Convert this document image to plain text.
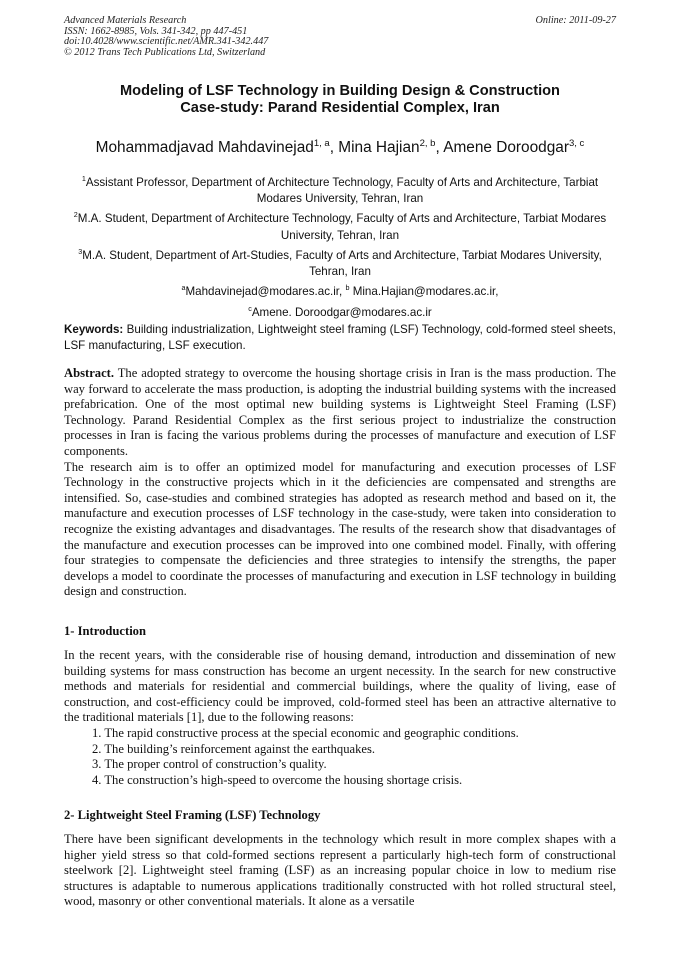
Advanced Materials Research
ISSN: 1662-8985, Vols. 341-342, pp 447-451
doi:10.4028/www.scientific.net/AMR.341-342.447
© 2012 Trans Tech Publications Ltd, Switzerland
Online: 2011-09-27
Modeling of LSF Technology in Building Design & Construction
Case-study: Parand Residential Complex, Iran
Mohammadjavad Mahdavinejad$^{1, a}$, Mina Hajian$^{2, b}$, Amene Doroodgar$^{3, c}$
$^1$Assistant Professor, Department of Architecture Technology, Faculty of Arts and Architecture, Tarbiat Modares University, Tehran, Iran
$^2$M.A. Student, Department of Architecture Technology, Faculty of Arts and Architecture, Tarbiat Modares University, Tehran, Iran
$^3$M.A. Student, Department of Art-Studies, Faculty of Arts and Architecture, Tarbiat Modares University, Tehran, Iran
$^a$Mahdavinejad@modares.ac.ir, $^b$ Mina.Hajian@modares.ac.ir,
$^c$Amene. Doroodgar@modares.ac.ir
Keywords: Building industrialization, Lightweight steel framing (LSF) Technology, cold-formed steel sheets, LSF manufacturing, LSF execution.

Abstract. The adopted strategy to overcome the housing shortage crisis in Iran is the mass production. The way forward to accelerate the mass production, is adopting the industrial building systems with the increased prefabrication. One of the most optimal new building systems is Lightweight Steel Framing (LSF) Technology. Parand Residential Complex as the first serious project to industrialize the construction processes in Iran is facing the various problems during the processes of manufacture and execution of LSF components.

The research aim is to offer an optimized model for manufacturing and execution processes of LSF Technology in the constructive projects which in it the deficiencies are compensated and strengths are intensified. So, case-studies and combined strategies has adopted as research method and based on it, the manufacture and execution processes of LSF technology in the case-study, were taken into consideration to recognize the existing advantages and disadvantages. The results of the research show that disadvantages of the manufacture and execution processes can be improved into one combined model. Finally, with offering four strategies to compensate the deficiencies and three strategies to intensify the strengths, the paper develops a model to coordinate the processes of manufacturing and execution in LSF technology in building design and construction.

1- Introduction

In the recent years, with the considerable rise of housing demand, introduction and dissemination of new building systems for mass construction has become an urgent necessity. In the search for new constructive methods and materials for residential and commercial buildings, where the quality of living, ease of construction, and cost-efficiency could be improved, cold-formed steel has been an attractive alternative to the traditional materials [1], due to the following reasons:

1. The rapid constructive process at the special economic and geographic conditions.
2. The building’s reinforcement against the earthquakes.
3. The proper control of construction’s quality.
4. The construction’s high-speed to overcome the housing shortage crisis.
2- Lightweight Steel Framing (LSF) Technology

There have been significant developments in the technology which result in more complex shapes with a higher yield stress so that cold-formed sections represent a particularly high-tech form of constructional steelwork [2]. Lightweight steel framing (LSF) as an increasing popular choice in low to medium rise structures is adaptable to numerous applications traditionally constructed with hot rolled structural steel, wood, masonry or other conventional materials. It alone as a versatile
